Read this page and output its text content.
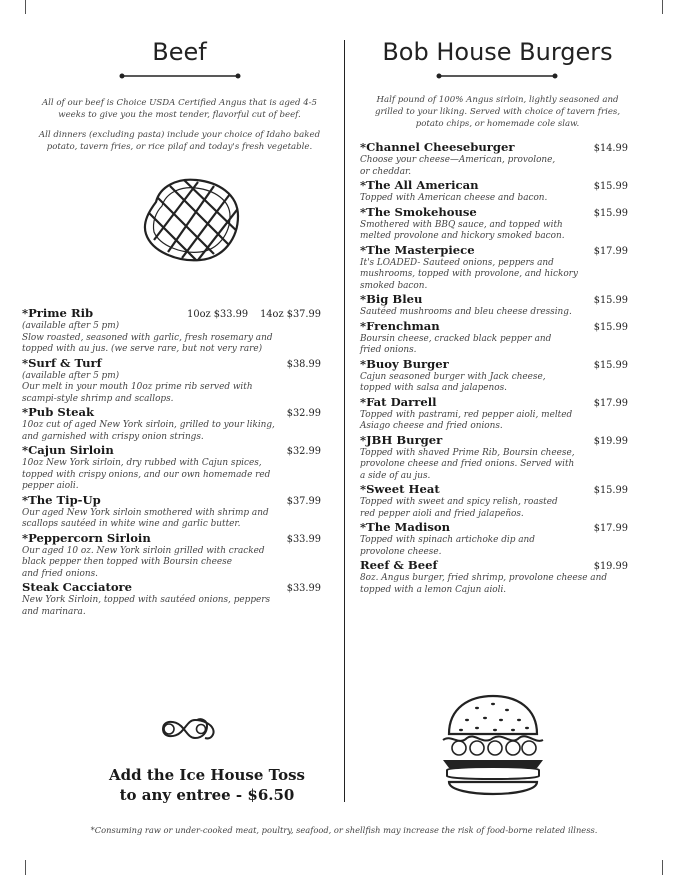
Beef
All of our beef is Choice USDA Certified Angus that is aged 4-5
weeks to give you the most tender, flavorful cut of beef.
All dinners (excluding pasta) include your choice of Idaho baked
potato, tavern fries, or rice pilaf and today's fresh vegetable.
*Prime Rib	10oz $33.99 14oz $37.99
(available after 5 pm)
Slow roasted, seasoned with garlic, fresh rosemary and
topped with au jus. (we serve rare, but not very rare)
*Surf & Turf	$38.99
(available after 5 pm)
Our melt in your mouth 10oz prime rib served with
scampi-style shrimp and scallops.
*Pub Steak	$32.99
10oz cut of aged New York sirloin, grilled to your liking,
and garnished with crispy onion strings.
*Cajun Sirloin	$32.99
10oz New York sirloin, dry rubbed with Cajun spices,
topped with crispy onions, and our own homemade red
pepper aioli.
*The Tip-Up	$37.99
Our aged New York sirloin smothered with shrimp and
scallops sautéed in white wine and garlic butter.
*Peppercorn Sirloin	$33.99
Our aged 10 oz. New York sirloin grilled with cracked
black pepper then topped with Boursin cheese
and fried onions.
Steak Cacciatore	$33.99
New York Sirloin, topped with sautéed onions, peppers
and marinara.
Add the Ice House Toss
to any entree - $6.50
Bob House Burgers
Half pound of 100% Angus sirloin, lightly seasoned and
grilled to your liking. Served with choice of tavern fries,
potato chips, or homemade cole slaw.
*Channel Cheeseburger	$14.99
Choose your cheese—American, provolone,
or cheddar.
*The All American	$15.99
Topped with American cheese and bacon.
*The Smokehouse	$15.99
Smothered with BBQ sauce, and topped with
melted provolone and hickory smoked bacon.
*The Masterpiece	$17.99
It's LOADED- Sauteed onions, peppers and
mushrooms, topped with provolone, and hickory
smoked bacon.
*Big Bleu	$15.99
Sautéed mushrooms and bleu cheese dressing.
*Frenchman	$15.99
Boursin cheese, cracked black pepper and
fried onions.
*Buoy Burger	$15.99
Cajun seasoned burger with Jack cheese,
topped with salsa and jalapenos.
*Fat Darrell	$17.99
Topped with pastrami, red pepper aioli, melted
Asiago cheese and fried onions.
*JBH Burger	$19.99
Topped with shaved Prime Rib, Boursin cheese,
provolone cheese and fried onions. Served with
a side of au jus.
*Sweet Heat	$15.99
Topped with sweet and spicy relish, roasted
red pepper aioli and fried jalapeños.
*The Madison	$17.99
Topped with spinach artichoke dip and
provolone cheese.
Reef & Beef	$19.99
8oz. Angus burger, fried shrimp, provolone cheese and
topped with a lemon Cajun aioli.
*Consuming raw or under-cooked meat, poultry, seafood, or shellfish may increase the risk of food-borne related illness.
